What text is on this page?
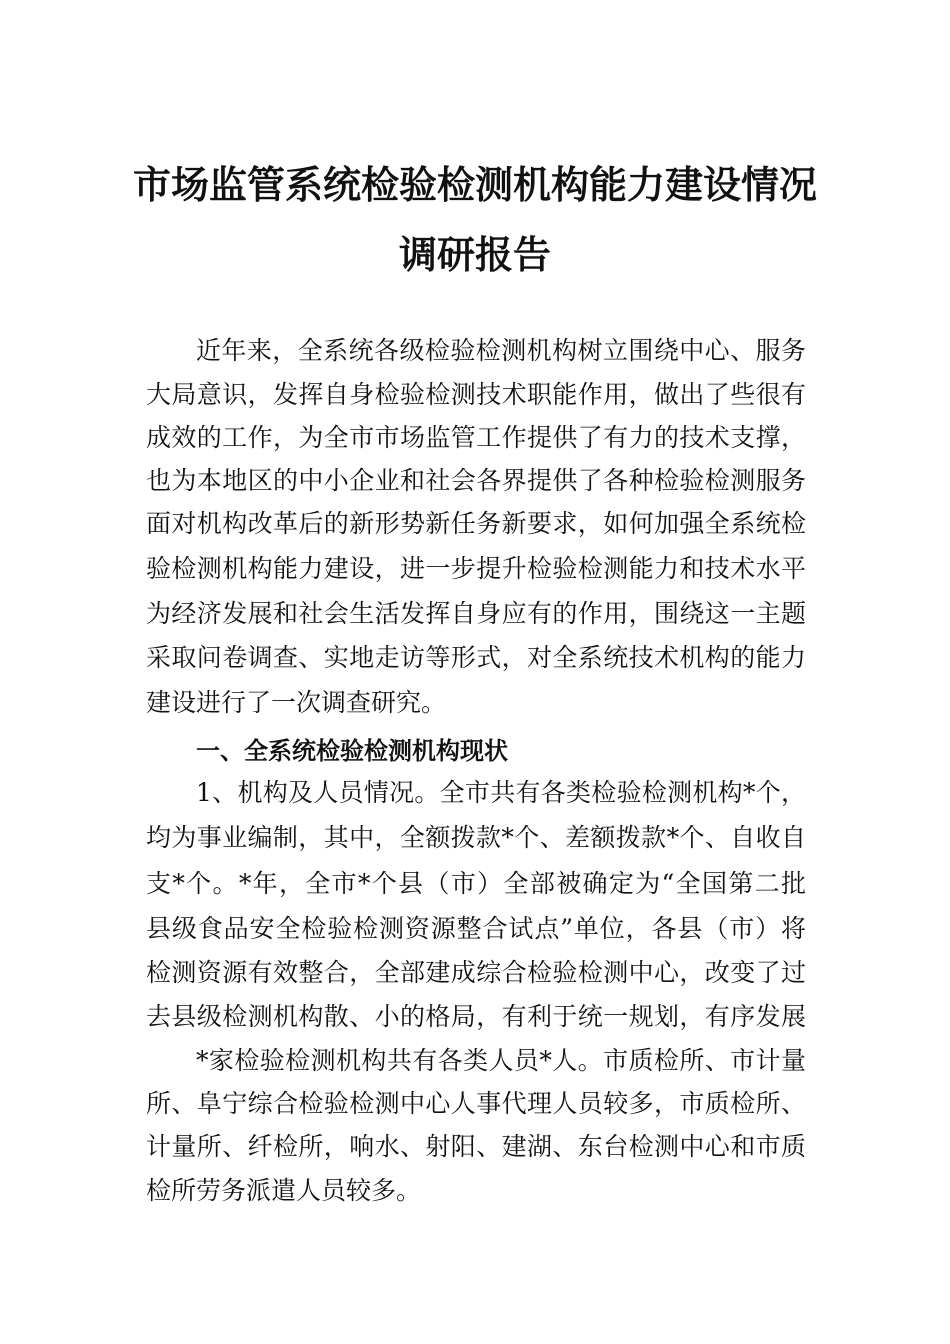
市场监管系统检验检测机构能力建设情况
调研报告
近年来，全系统各级检验检测机构树立围绕中心、服务
大局意识，发挥自身检验检测技术职能作用，做出了些很有
成效的工作，为全市市场监管工作提供了有力的技术支撑，
也为本地区的中小企业和社会各界提供了各种检验检测服务
面对机构改革后的新形势新任务新要求，如何加强全系统检
验检测机构能力建设，进一步提升检验检测能力和技术水平
为经济发展和社会生活发挥自身应有的作用，围绕这一主题
采取问卷调查、实地走访等形式，对全系统技术机构的能力
建设进行了一次调查研究。
一、全系统检验检测机构现状
1、机构及人员情况。全市共有各类检验检测机构*个，
均为事业编制，其中，全额拨款*个、差额拨款*个、自收自
支*个。*年，全市*个县（市）全部被确定为“全国第二批
县级食品安全检验检测资源整合试点”单位，各县（市）将
检测资源有效整合，全部建成综合检验检测中心，改变了过
去县级检测机构散、小的格局，有利于统一规划，有序发展
*家检验检测机构共有各类人员*人。市质检所、市计量
所、阜宁综合检验检测中心人事代理人员较多，市质检所、
计量所、纤检所，响水、射阳、建湖、东台检测中心和市质
检所劳务派遣人员较多。
